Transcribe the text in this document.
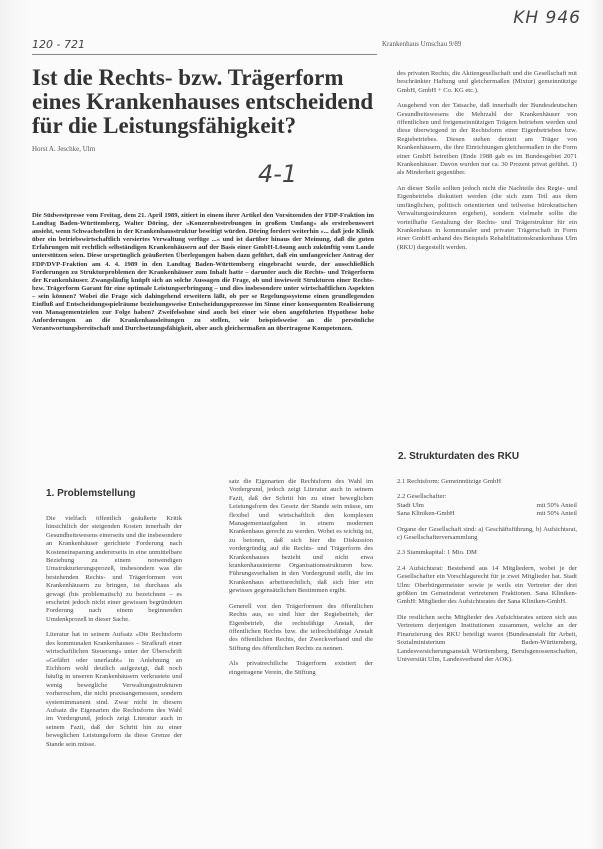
KH 946
120 - 721
4-1
Krankenhaus Umschau 9/89
Ist die Rechts- bzw. Trägerform eines Krankenhauses entscheidend für die Leistungsfähigkeit?
Horst A. Jeschke, Ulm
Die Südwestpresse vom Freitag, dem 21. April 1989, zitiert in einem ihrer Artikel den Vorsitzenden der FDP-Fraktion im Landtag Baden-Württemberg, Walter Döring, der »Konzernbestrebungen in großem Umfang« als erstrebenswert ansieht, wenn Schwachstellen in der Krankenhausstruktur beseitigt würden. Döring fordert weiterhin »... daß jede Klinik über ein betriebswirtschaftlich versiertes Verwaltung verfüge ...« und ist darüber hinaus der Meinung, daß die guten Erfahrungen mit rechtlich selbständigen Krankenhäusern auf der Basis einer GmbH-Lösung auch zukünftig vom Lande unterstützen seien. Diese ursprünglich geäußerten Überlegungen haben dazu geführt, daß ein umfangreicher Antrag der FDP/DVP-Fraktion am 4. 4. 1989 in den Landtag Baden-Württemberg eingebracht wurde, der ausschließlich Forderungen zu Strukturproblemen der Krankenhäuser zum Inhalt hatte – darunter auch die Rechts- und Trägerform der Krankenhäuser. Zwangsläufig knüpft sich an solche Aussagen die Frage, ob und inwieweit Strukturen einer Rechts- bzw. Trägerform Garant für eine optimale Leistungserbringung – und dies insbesondere unter wirtschaftlichen Aspekten – sein können? Wobei die Frage sich dahingehend erweitern läßt, ob per se Regelungssysteme einen grundlegenden Einfluß auf Entscheidungsspielräume beziehungsweise Entscheidungsprozesse im Sinne einer konsequenten Realisierung von Managementzielen zur Folge haben? Zweifelsohne sind auch bei einer wie oben angeführten Hypothese hohe Anforderungen an die Krankenhausleitungen zu stellen, wie beispielsweise an die persönliche Verantwortungsbereitschaft und Durchsetzungsfähigkeit, aber auch gleichermaßen an übertragene Kompetenzen.
1. Problemstellung

Die vielfach öffentlich geäußerte Kritik hinsichtlich der steigenden Kosten innerhalb der Gesundheitswesens einerseits und die insbesondere an Krankenhäuser gerichtete Forderung nach Kosteneinsparung andererseits in eine unmittelbare Beziehung zu einem notwendigen Umstrukturierungsprozeß, insbesondere was die bestehenden Rechts- und Trägerformen von Krankenhäusern zu bringen, ist durchaus als gewagt (bis problematisch) zu bezeichnen – es erscheint jedoch nicht einer gewissen begründeten Forderung nach einem beginnenden Umdenkprozeß in dieser Sache.

Literatur hat in seinem Aufsatz »Die Rechtsform des kommunalen Krankenhauses – Strafkrafi einer wirtschaftlichen Steuerung« unter der Überschrift »Gefährt oder unerlaubt« in Anlehnung an Eichhorn wohl deutlich aufgezeigt, daß noch häufig in unseren Krankenhäusern verkrustete und wenig bewegliche Verwaltungsstrukturen vorherrschen, die nicht praxisangemessen, sondern systemimmanent sind. Zwar nicht in diesem Aufsatz die Eigenarten die Rechtsform des Wahl im Vordergrund, jedoch zeigt Literatur auch in seinem Fazit, daß der Schritt hin zu einer beweglichen Leistungsform da diese Grenze der Stande sein müsse.

satz die Eigenarten die Rechtsform des Wahl im Vordergrund, jedoch zeigt Literatur auch in seinem Fazit, daß der Schritt hin zu einer beweglichen Leistungsform des Gesetz der Stande sein müsse, um flexibel und wirtschaftlich den komplexen Managementaufgaben in einem modernen Krankenhaus gerecht zu werden. Wobei es wichtig ist, zu betonen, daß sich hier die Diskussion vordergründig auf die Rechts- und Trägerform des Krankenhauses bezieht und nicht etwa krankenhausinterne Organisationsstrukturen bzw. Führungsverhalten in den Vordergrund stellt, die im Krankenhaus arbeitsrechtlich, daß sich hier ein gewisses gegensätzlichen Bestimmen ergibt.

Generell von den Trägerformen des öffentlichen Rechts aus, so sind hier der Regiebetrieb, der Eigenbetrieb, die rechtsfähige Anstalt, der öffentlichen Rechts bzw. die teilrechtsfähige Anstalt des öffentlichen Rechts, der Zweckverband und die Stiftung des öffentlichen Rechts zu nennen.

Als privatrechtliche Trägerform existiert der eingetragene Verein, die Stiftung

des privaten Rechts, die Aktiengesellschaft und die Gesellschaft mit beschränkter Haftung und gleichermaßen (Mixtur) gemeinnützige GmbH, GmbH + Co. KG etc.).

Ausgehend von der Tatsache, daß innerhalb der Bundesdeutschen Gesundheitswesens die Mehrzahl der Krankenhäuser von öffentlichen und freigemeinnützigen Trägern betrieben werden und diese überwiegend in der Rechtsform einer Eigenbetrieben bzw. Regiebetriebes. Diesen stehen derzeit am Träger von Krankenhäusern, die ihre Einrichtungen gleichermaßen in die Form einer GmbH betreiben (Ende 1988 gab es im Bundesgebiet 2071 Krankenhäuser. Davon wurden nur ca. 30 Prozent privat geführt. 1) als Minderheit gegenüber.

An dieser Stelle sollten jedoch nicht die Nachteile des Regie- und Eigenbetriebs diskutiert werden (die sich zum Teil aus dem umfänglichen, politisch orientierten und teilweise bürokratischen Verwaltungsstrukturen ergeben), sondern vielmehr sollte die vorteilhafte Gestaltung der Rechts- und Trägerstruktur für ein Krankenhaus in kommunaler und privater Trägerschaft in Form einer GmbH anhand des Beispiels Rehabilitationskrankenhaus Ulm (RKU) dargestellt werden.

2. Strukturdaten des RKU

2.1 Rechtsform: Gemeinnützige GmbH

2.2 Gesellschafter:

Stadt Ulm	mit 50% Anteil
Sana Kliniken-GmbH	mit 50% Anteil

Organe der Gesellschaft sind: a) Geschäftsführung, b) Aufsichtsrat, c) Gesellschafterversammlung

2.3 Stammkapital: 1 Mio. DM

2.4 Aufsichtsrat: Bestehend aus 14 Mitgliedern, wobei je der Gesellschafter ein Vorschlagsrecht für je zwei Mitglieder hat. Stadt Ulm: Oberbürgermeister sowie je weils ein Vertreter der drei größten im Gemeinderat vertretenen Fraktionen. Sana Kliniken-GmbH: Mitglieder des Aufsichtsrates der Sana Kliniken-GmbH.

Die restlichen sechs Mitglieder des Aufsichtsrates setzen sich aus Vertretern derjenigen Institutionen zusammen, welche an der Finanzierung des RKU beteiligt waren (Bundesanstalt für Arbeit, Sozialministerium Baden-Württemberg, Landesversicherungsanstalt Württemberg, Berufsgenossenschaften, Universität Ulm, Landesverband der AOK).
